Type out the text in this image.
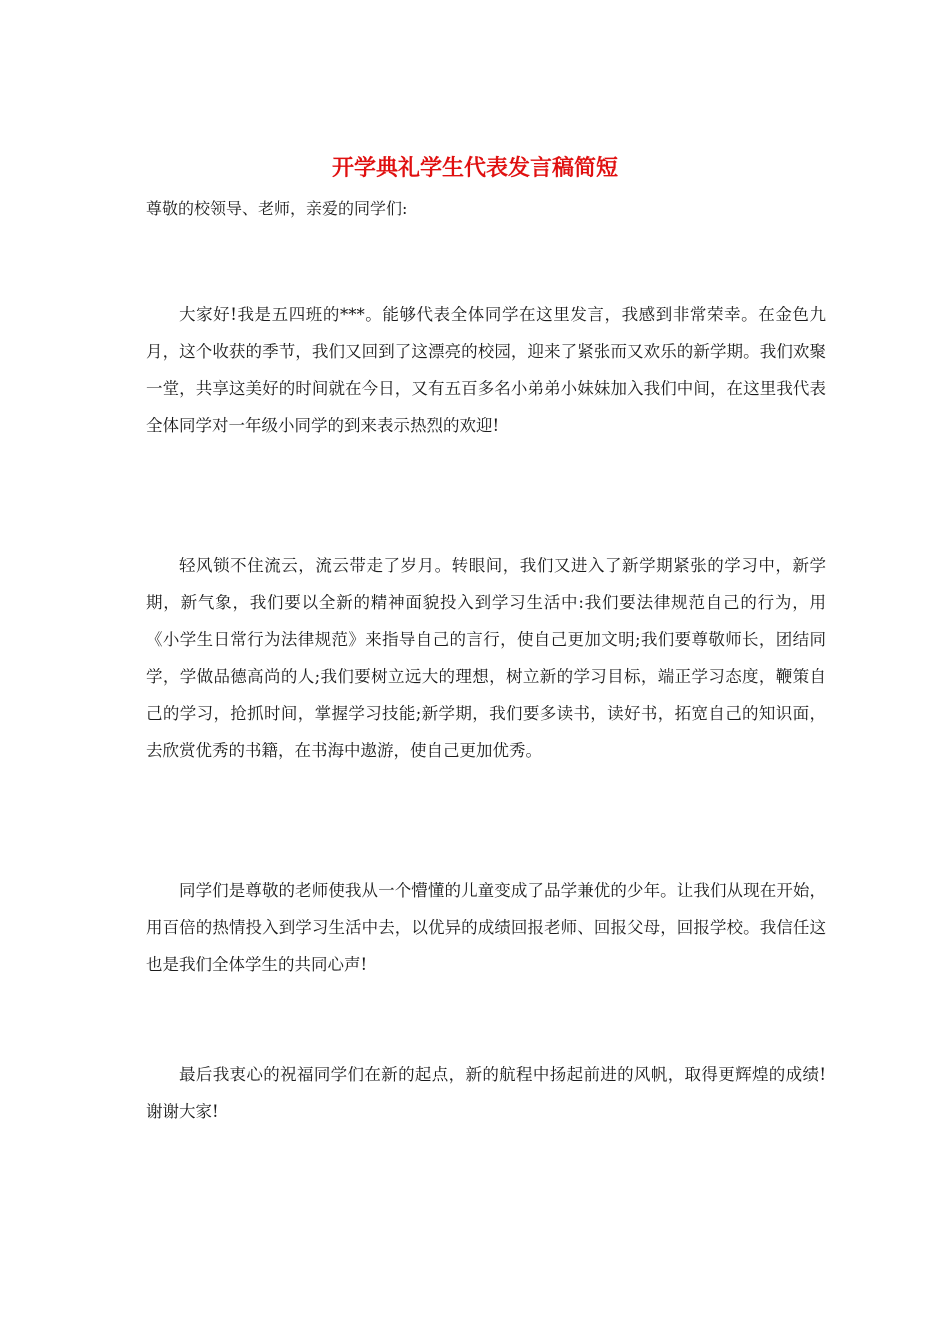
开学典礼学生代表发言稿简短

尊敬的校领导、老师，亲爱的同学们:

大家好!我是五四班的***。能够代表全体同学在这里发言，我感到非常荣幸。在金色九月，这个收获的季节，我们又回到了这漂亮的校园，迎来了紧张而又欢乐的新学期。我们欢聚一堂，共享这美好的时间就在今日，又有五百多名小弟弟小妹妹加入我们中间，在这里我代表全体同学对一年级小同学的到来表示热烈的欢迎!

轻风锁不住流云，流云带走了岁月。转眼间，我们又进入了新学期紧张的学习中，新学期，新气象，我们要以全新的精神面貌投入到学习生活中:我们要法律规范自己的行为，用《小学生日常行为法律规范》来指导自己的言行，使自己更加文明;我们要尊敬师长，团结同学，学做品德高尚的人;我们要树立远大的理想，树立新的学习目标，端正学习态度，鞭策自己的学习，抢抓时间，掌握学习技能;新学期，我们要多读书，读好书，拓宽自己的知识面，去欣赏优秀的书籍，在书海中遨游，使自己更加优秀。

同学们是尊敬的老师使我从一个懵懂的儿童变成了品学兼优的少年。让我们从现在开始，用百倍的热情投入到学习生活中去，以优异的成绩回报老师、回报父母，回报学校。我信任这也是我们全体学生的共同心声!

最后我衷心的祝福同学们在新的起点，新的航程中扬起前进的风帆，取得更辉煌的成绩!谢谢大家!
